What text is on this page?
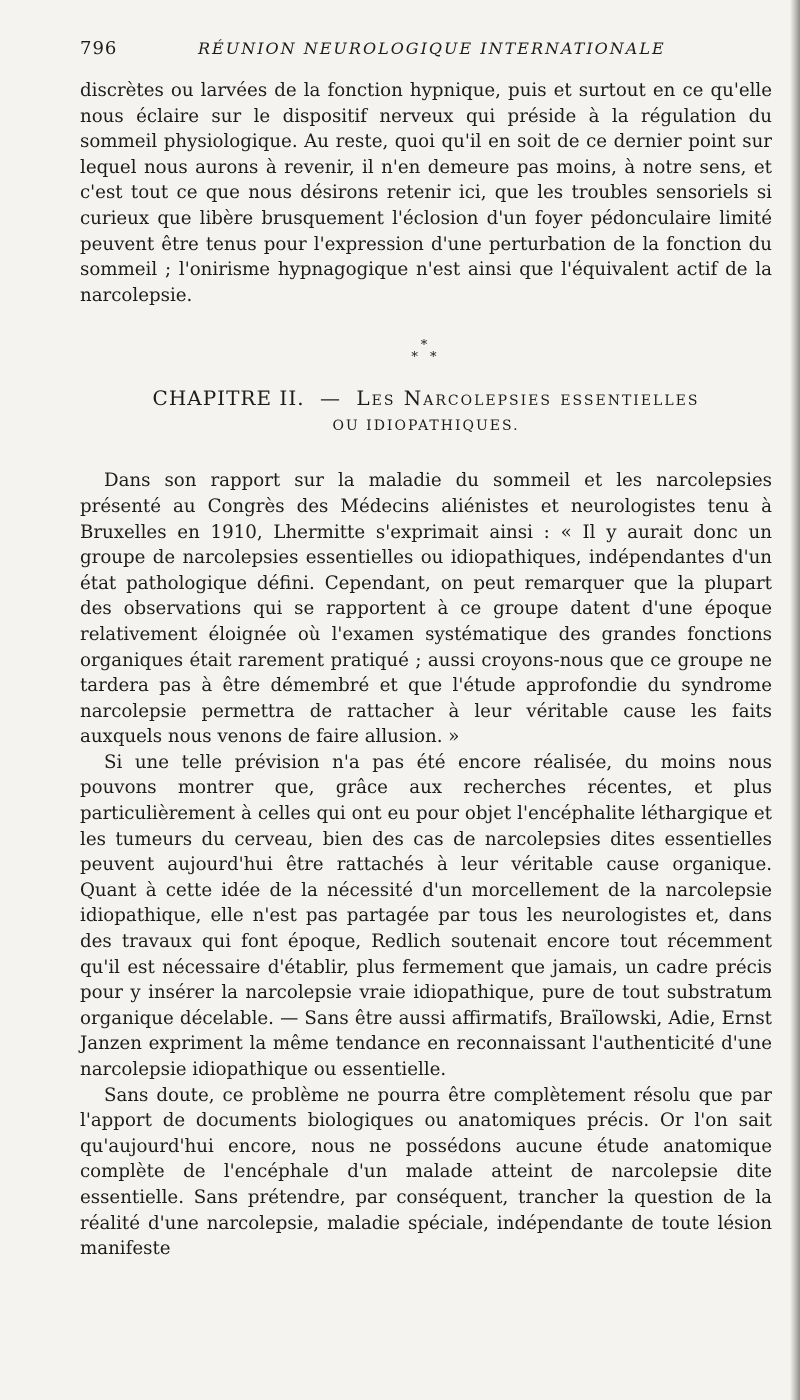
796	RÉUNION NEUROLOGIQUE INTERNATIONALE

discrètes ou larvées de la fonction hypnique, puis et surtout en ce qu'elle nous éclaire sur le dispositif nerveux qui préside à la régulation du sommeil physiologique. Au reste, quoi qu'il en soit de ce dernier point sur lequel nous aurons à revenir, il n'en demeure pas moins, à notre sens, et c'est tout ce que nous désirons retenir ici, que les troubles sensoriels si curieux que libère brusquement l'éclosion d'un foyer pédonculaire limité peuvent être tenus pour l'expression d'une perturbation de la fonction du sommeil ; l'onirisme hypnagogique n'est ainsi que l'équivalent actif de la narcolepsie.

*
* *
CHAPITRE II. — Les Narcolepsies essentielles
OU IDIOPATHIQUES.

Dans son rapport sur la maladie du sommeil et les narcolepsies présenté au Congrès des Médecins aliénistes et neurologistes tenu à Bruxelles en 1910, Lhermitte s'exprimait ainsi : « Il y aurait donc un groupe de narcolepsies essentielles ou idiopathiques, indépendantes d'un état pathologique défini. Cependant, on peut remarquer que la plupart des observations qui se rapportent à ce groupe datent d'une époque relativement éloignée où l'examen systématique des grandes fonctions organiques était rarement pratiqué ; aussi croyons-nous que ce groupe ne tardera pas à être démembré et que l'étude approfondie du syndrome narcolepsie permettra de rattacher à leur véritable cause les faits auxquels nous venons de faire allusion. »

Si une telle prévision n'a pas été encore réalisée, du moins nous pouvons montrer que, grâce aux recherches récentes, et plus particulièrement à celles qui ont eu pour objet l'encéphalite léthargique et les tumeurs du cerveau, bien des cas de narcolepsies dites essentielles peuvent aujourd'hui être rattachés à leur véritable cause organique. Quant à cette idée de la nécessité d'un morcellement de la narcolepsie idiopathique, elle n'est pas partagée par tous les neurologistes et, dans des travaux qui font époque, Redlich soutenait encore tout récemment qu'il est nécessaire d'établir, plus fermement que jamais, un cadre précis pour y insérer la narcolepsie vraie idiopathique, pure de tout substratum organique décelable. — Sans être aussi affirmatifs, Braïlowski, Adie, Ernst Janzen expriment la même tendance en reconnaissant l'authenticité d'une narcolepsie idiopathique ou essentielle.

Sans doute, ce problème ne pourra être complètement résolu que par l'apport de documents biologiques ou anatomiques précis. Or l'on sait qu'aujourd'hui encore, nous ne possédons aucune étude anatomique complète de l'encéphale d'un malade atteint de narcolepsie dite essentielle. Sans prétendre, par conséquent, trancher la question de la réalité d'une narcolepsie, maladie spéciale, indépendante de toute lésion manifeste
